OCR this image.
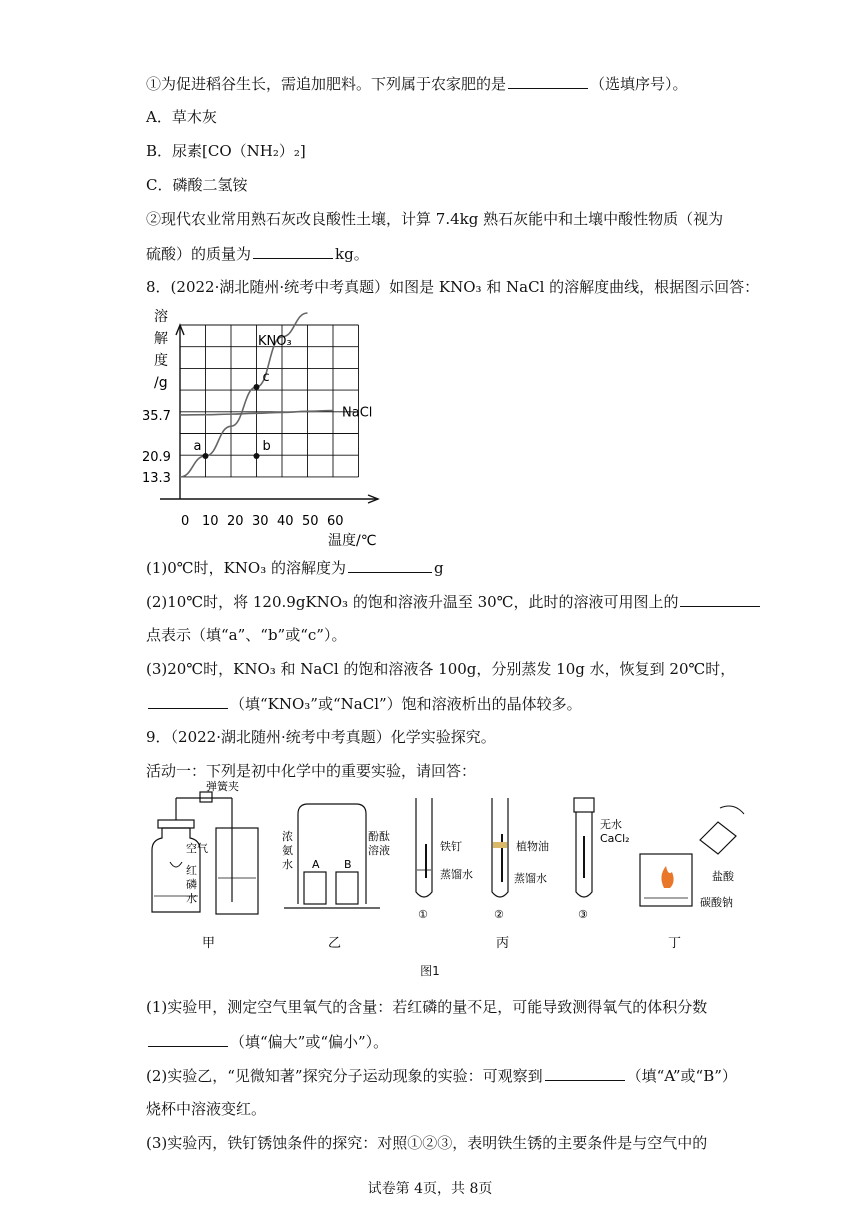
①为促进稻谷生长，需追加肥料。下列属于农家肥的是	（选填序号）。
A．草木灰
B．尿素[CO（NH₂）₂]
C．磷酸二氢铵
②现代农业常用熟石灰改良酸性土壤，计算 7.4kg 熟石灰能中和土壤中酸性物质（视为
硫酸）的质量为	kg。
8．(2022·湖北随州·统考中考真题）如图是 KNO₃ 和 NaCl 的溶解度曲线，根据图示回答：
溶
解
度
/g
温度/℃
0 10 20 30 40 50 60
35.7
20.9
13.3
KNO₃
NaCl
a	b
c
(1)0℃时，KNO₃ 的溶解度为	g
(2)10℃时，将 120.9gKNO₃ 的饱和溶液升温至 30℃，此时的溶液可用图上的
点表示（填“a”、“b”或“c”）。
(3)20℃时，KNO₃ 和 NaCl 的饱和溶液各 100g，分别蒸发 10g 水，恢复到 20℃时，
（填“KNO₃”或“NaCl”）饱和溶液析出的晶体较多。
9．（2022·湖北随州·统考中考真题）化学实验探究。
活动一：下列是初中化学中的重要实验，请回答：
弹簧夹
空气
红
磷
水
甲
浓
氨
水 A B
酚酞
溶液
乙
铁钉
蒸馏水
植物油
蒸馏水
无水
CaCl₂
①	②	③
丙
盐酸
碳酸钠
丁
图1
(1)实验甲，测定空气里氧气的含量：若红磷的量不足，可能导致测得氧气的体积分数
（填“偏大”或“偏小”）。
(2)实验乙，“见微知著”探究分子运动现象的实验：可观察到	（填“A”或“B”）
烧杯中溶液变红。
(3)实验丙，铁钉锈蚀条件的探究：对照①②③，表明铁生锈的主要条件是与空气中的
试卷第 4页，共 8页
